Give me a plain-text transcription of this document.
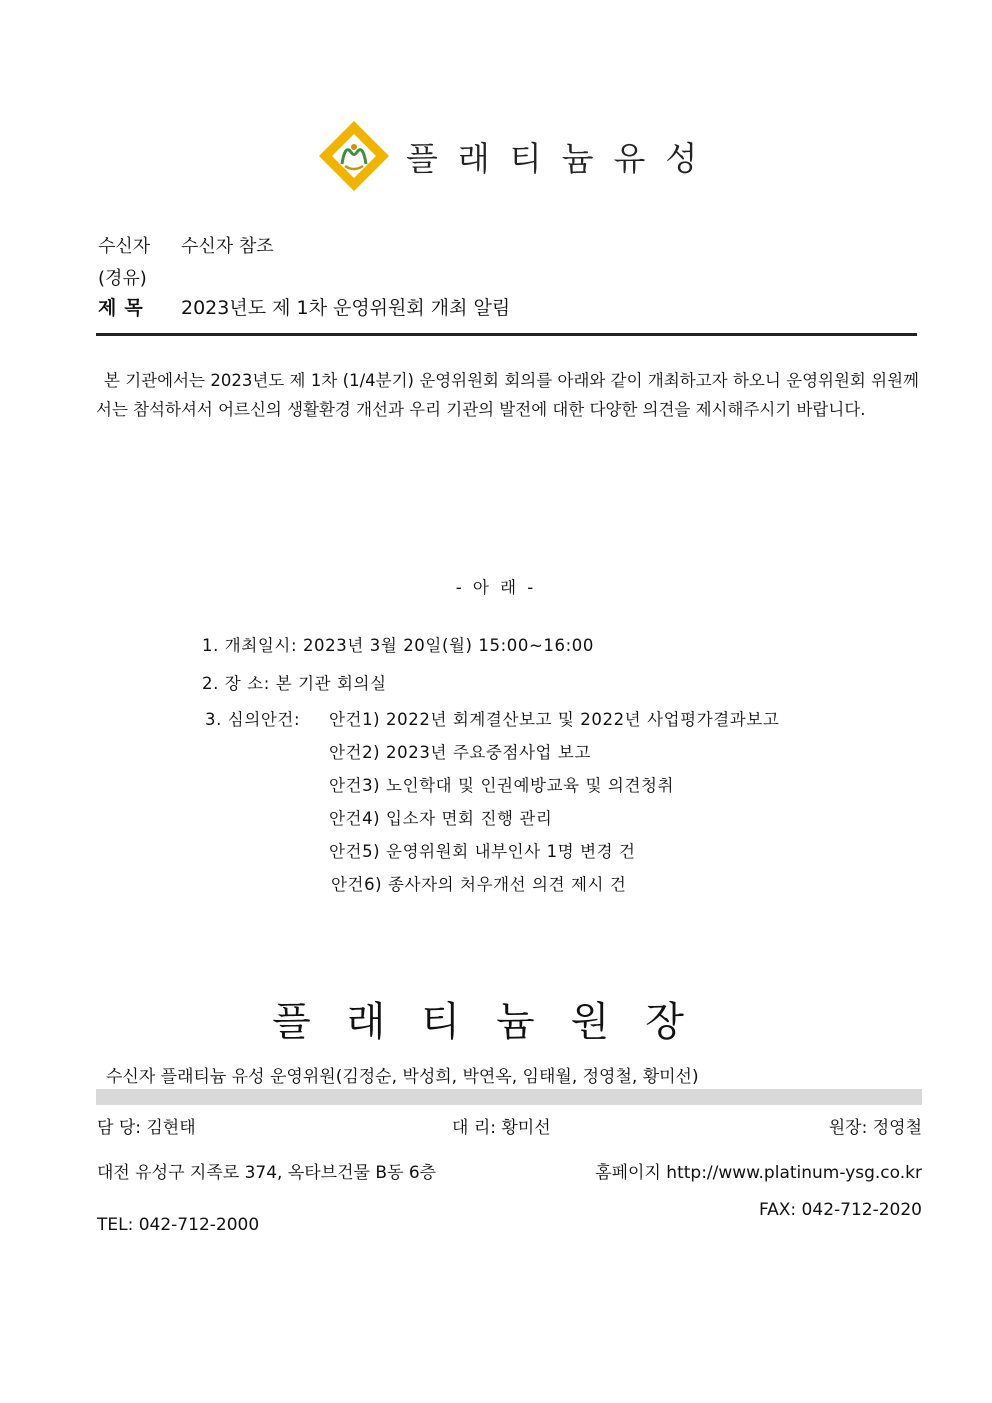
플래티늄유성
수신자 수신자 참조
(경유)
제목 2023년도 제 1차 운영위원회 개최 알림
본 기관에서는 2023년도 제 1차 (1/4분기) 운영위원회 회의를 아래와 같이 개최하고자 하오니 운영위원회 위원께서는 참석하셔서 어르신의 생활환경 개선과 우리 기관의 발전에 대한 다양한 의견을 제시해주시기 바랍니다.
- 아 래 -
1. 개최일시: 2023년 3월 20일(월) 15:00~16:00
2. 장 소: 본 기관 회의실
3. 심의안건: 안건1) 2022년 회계결산보고 및 2022년 사업평가결과보고
안건2) 2023년 주요중점사업 보고
안건3) 노인학대 및 인권예방교육 및 의견청취
안건4) 입소자 면회 진행 관리
안건5) 운영위원회 내부인사 1명 변경 건
안건6) 종사자의 처우개선 의견 제시 건
플래티늄원장
수신자 플래티늄 유성 운영위원(김정순, 박성희, 박연옥, 임태월, 정영철, 황미선)
담 당: 김현태	대 리: 황미선	원장: 정영철
대전 유성구 지족로 374, 옥타브건물 B동 6층	홈페이지 http://www.platinum-ysg.co.kr
FAX: 042-712-2020
TEL: 042-712-2000
